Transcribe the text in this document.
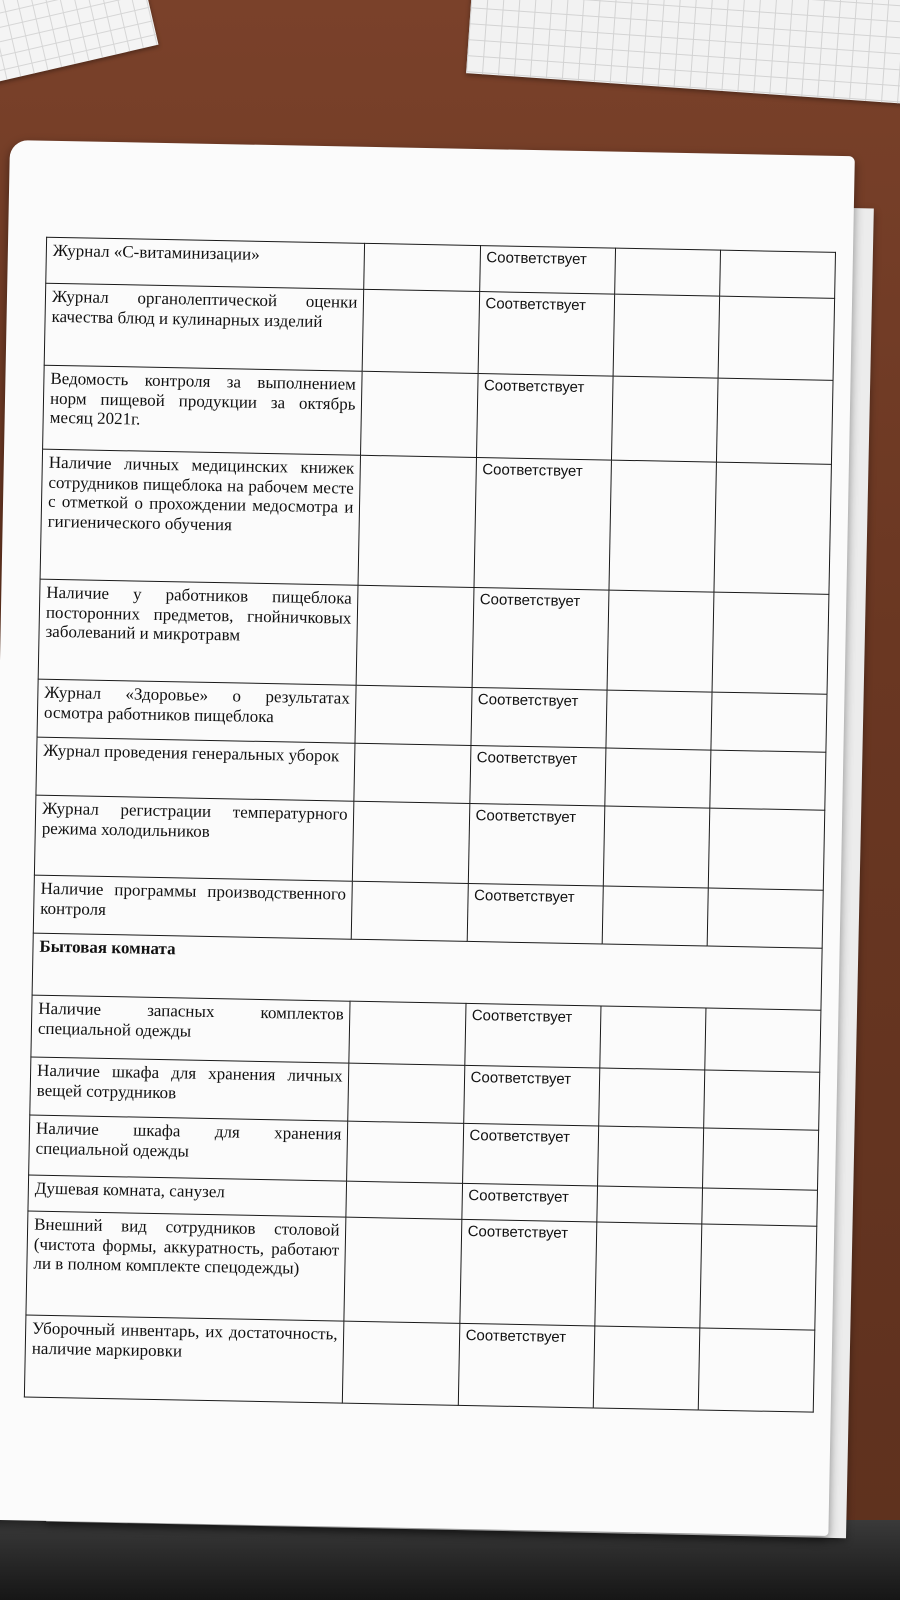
Журнал «С-витаминизации»		Соответствует		
Журнал органолептической оценки качества блюд и кулинарных изделий		Соответствует		
Ведомость контроля за выполнением норм пищевой продукции за октябрь месяц 2021г.		Соответствует		
Наличие личных медицинских книжек сотрудников пищеблока на рабочем месте с отметкой о прохождении медосмотра и гигиенического обучения		Соответствует		
Наличие у работников пищеблока посторонних предметов, гнойничковых заболеваний и микротравм		Соответствует		
Журнал «Здоровье» о результатах осмотра работников пищеблока		Соответствует		
Журнал проведения генеральных уборок		Соответствует		
Журнал регистрации температурного режима холодильников		Соответствует		
Наличие программы производственного контроля		Соответствует		
Бытовая комната				
Наличие запасных комплектов специальной одежды		Соответствует		
Наличие шкафа для хранения личных вещей сотрудников		Соответствует		
Наличие шкафа для хранения специальной одежды		Соответствует		
Душевая комната, санузел		Соответствует		
Внешний вид сотрудников столовой (чистота формы, аккуратность, работают ли в полном комплекте спецодежды)		Соответствует		
Уборочный инвентарь, их достаточность, наличие маркировки		Соответствует		
